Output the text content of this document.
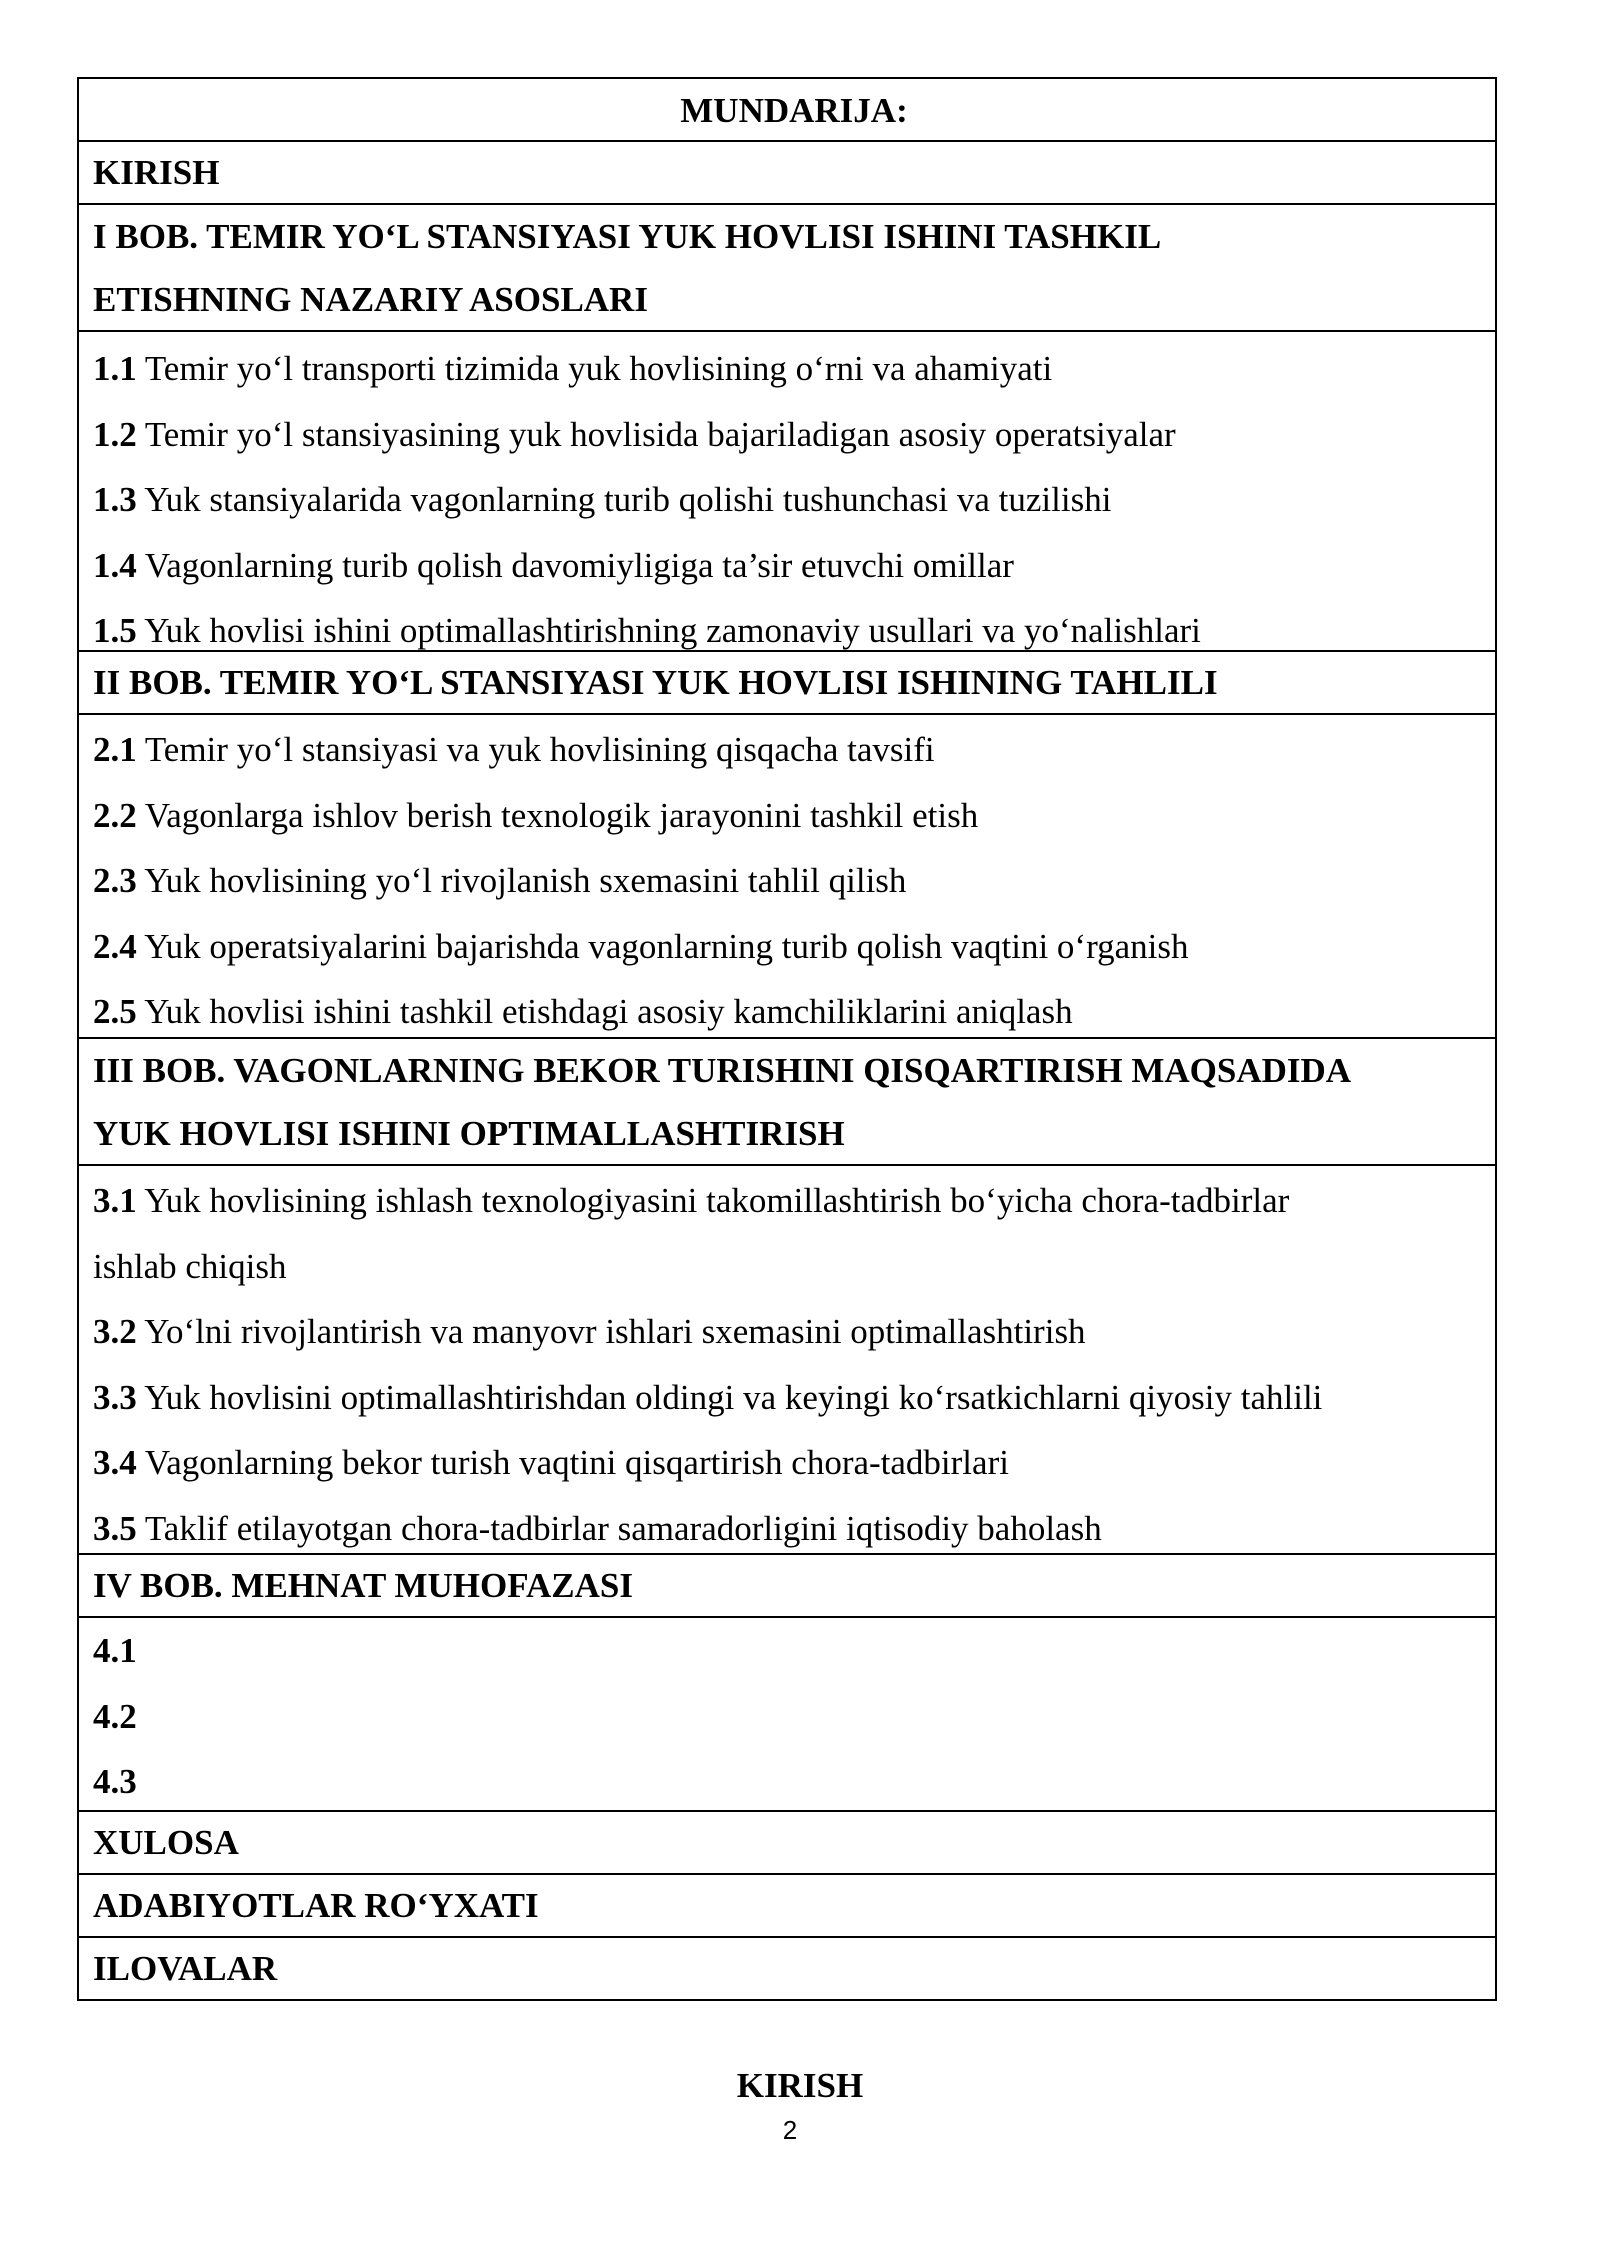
MUNDARIJA:
KIRISH
I BOB. TEMIR YO‘L STANSIYASI YUK HOVLISI ISHINI TASHKIL
ETISHNING NAZARIY ASOSLARI
1.1 Temir yo‘l transporti tizimida yuk hovlisining o‘rni va ahamiyati
1.2 Temir yo‘l stansiyasining yuk hovlisida bajariladigan asosiy operatsiyalar
1.3 Yuk stansiyalarida vagonlarning turib qolishi tushunchasi va tuzilishi
1.4 Vagonlarning turib qolish davomiyligiga ta’sir etuvchi omillar
1.5 Yuk hovlisi ishini optimallashtirishning zamonaviy usullari va yo‘nalishlari
II BOB. TEMIR YO‘L STANSIYASI YUK HOVLISI ISHINING TAHLILI
2.1 Temir yo‘l stansiyasi va yuk hovlisining qisqacha tavsifi
2.2 Vagonlarga ishlov berish texnologik jarayonini tashkil etish
2.3 Yuk hovlisining yo‘l rivojlanish sxemasini tahlil qilish
2.4 Yuk operatsiyalarini bajarishda vagonlarning turib qolish vaqtini o‘rganish
2.5 Yuk hovlisi ishini tashkil etishdagi asosiy kamchiliklarini aniqlash
III BOB. VAGONLARNING BEKOR TURISHINI QISQARTIRISH MAQSADIDA
YUK HOVLISI ISHINI OPTIMALLASHTIRISH
3.1 Yuk hovlisining ishlash texnologiyasini takomillashtirish bo‘yicha chora-tadbirlar
ishlab chiqish
3.2 Yo‘lni rivojlantirish va manyovr ishlari sxemasini optimallashtirish
3.3 Yuk hovlisini optimallashtirishdan oldingi va keyingi ko‘rsatkichlarni qiyosiy tahlili
3.4 Vagonlarning bekor turish vaqtini qisqartirish chora-tadbirlari
3.5 Taklif etilayotgan chora-tadbirlar samaradorligini iqtisodiy baholash
IV BOB. MEHNAT MUHOFAZASI
4.1
4.2
4.3
XULOSA
ADABIYOTLAR RO‘YXATI
ILOVALAR
KIRISH
2
